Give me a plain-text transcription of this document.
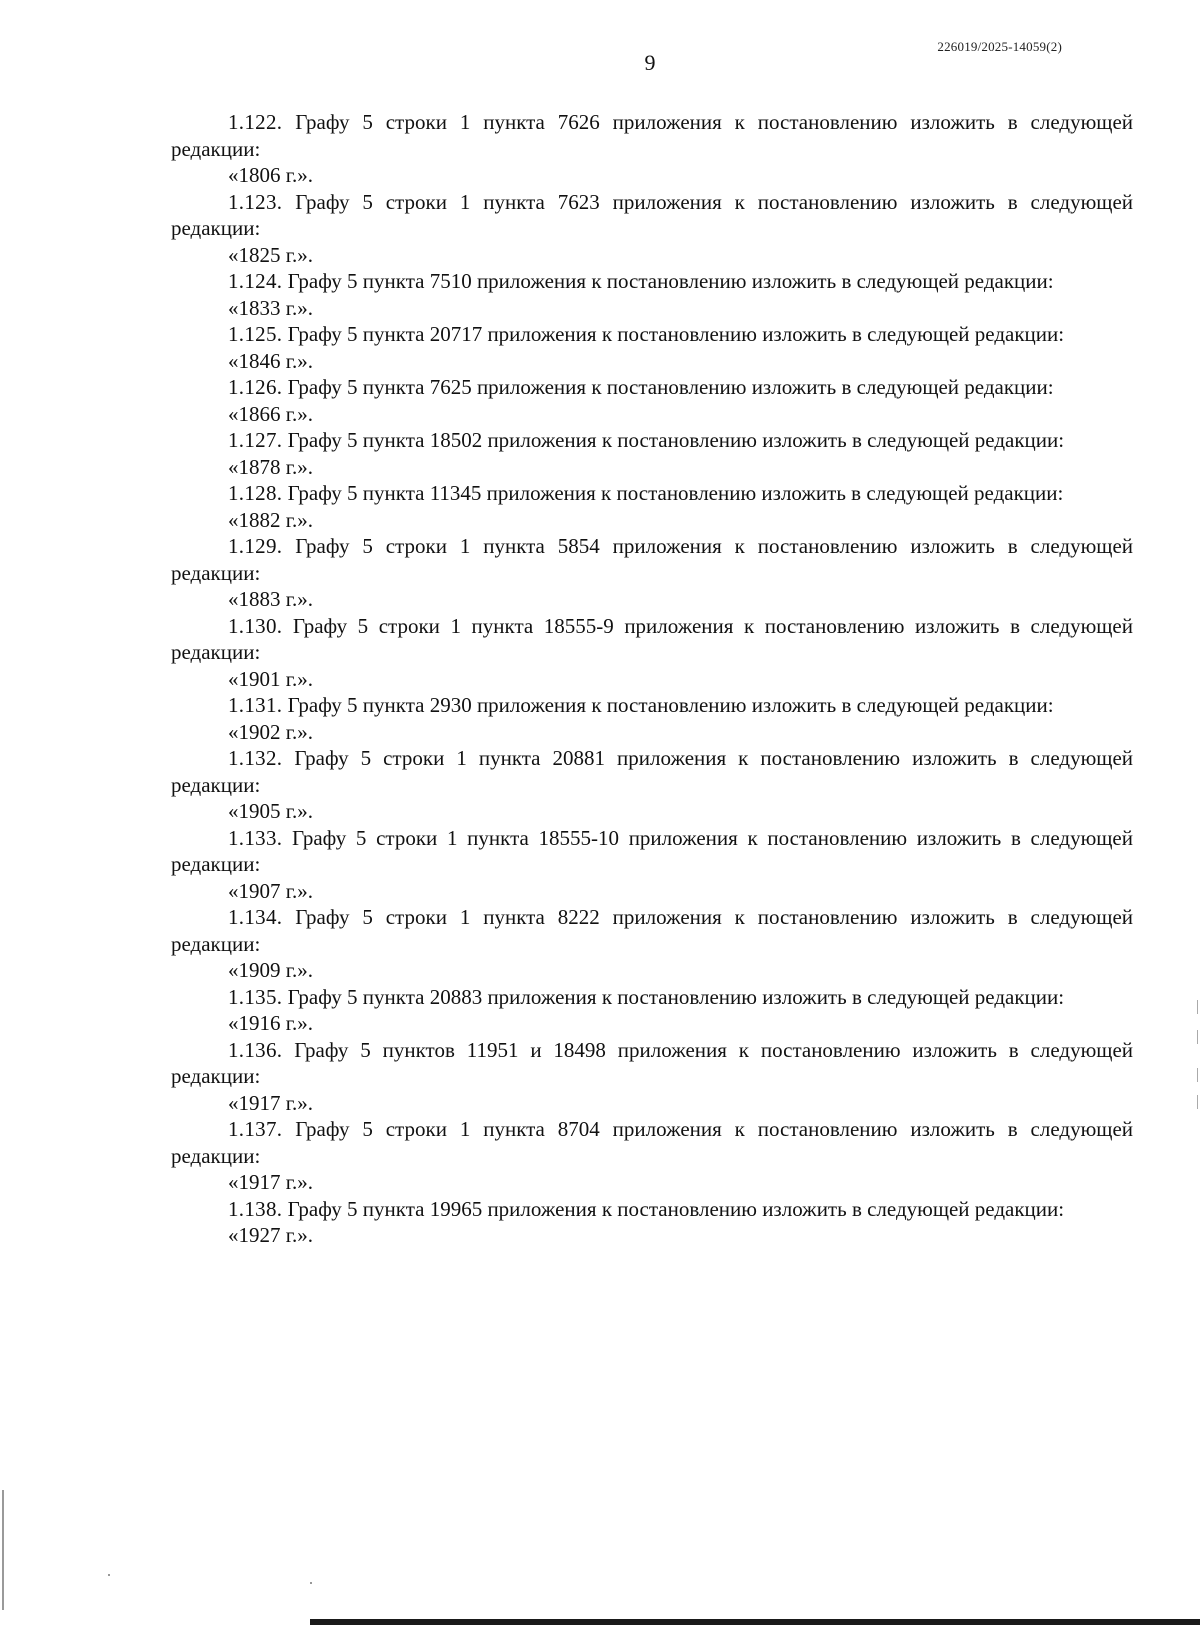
226019/2025-14059(2)
9

1.122. Графу 5 строки 1 пункта 7626 приложения к постановлению изложить в следующей редакции:

«1806 г.».

1.123. Графу 5 строки 1 пункта 7623 приложения к постановлению изложить в следующей редакции:

«1825 г.».

1.124. Графу 5 пункта 7510 приложения к постановлению изложить в следующей редакции:

«1833 г.».

1.125. Графу 5 пункта 20717 приложения к постановлению изложить в следующей редакции:

«1846 г.».

1.126. Графу 5 пункта 7625 приложения к постановлению изложить в следующей редакции:

«1866 г.».

1.127. Графу 5 пункта 18502 приложения к постановлению изложить в следующей редакции:

«1878 г.».

1.128. Графу 5 пункта 11345 приложения к постановлению изложить в следующей редакции:

«1882 г.».

1.129. Графу 5 строки 1 пункта 5854 приложения к постановлению изложить в следующей редакции:

«1883 г.».

1.130. Графу 5 строки 1 пункта 18555-9 приложения к постановлению изложить в следующей редакции:

«1901 г.».

1.131. Графу 5 пункта 2930 приложения к постановлению изложить в следующей редакции:

«1902 г.».

1.132. Графу 5 строки 1 пункта 20881 приложения к постановлению изложить в следующей редакции:

«1905 г.».

1.133. Графу 5 строки 1 пункта 18555-10 приложения к постановлению изложить в следующей редакции:

«1907 г.».

1.134. Графу 5 строки 1 пункта 8222 приложения к постановлению изложить в следующей редакции:

«1909 г.».

1.135. Графу 5 пункта 20883 приложения к постановлению изложить в следующей редакции:

«1916 г.».

1.136. Графу 5 пунктов 11951 и 18498 приложения к постановлению изложить в следующей редакции:

«1917 г.».

1.137. Графу 5 строки 1 пункта 8704 приложения к постановлению изложить в следующей редакции:

«1917 г.».

1.138. Графу 5 пункта 19965 приложения к постановлению изложить в следующей редакции:

«1927 г.».
